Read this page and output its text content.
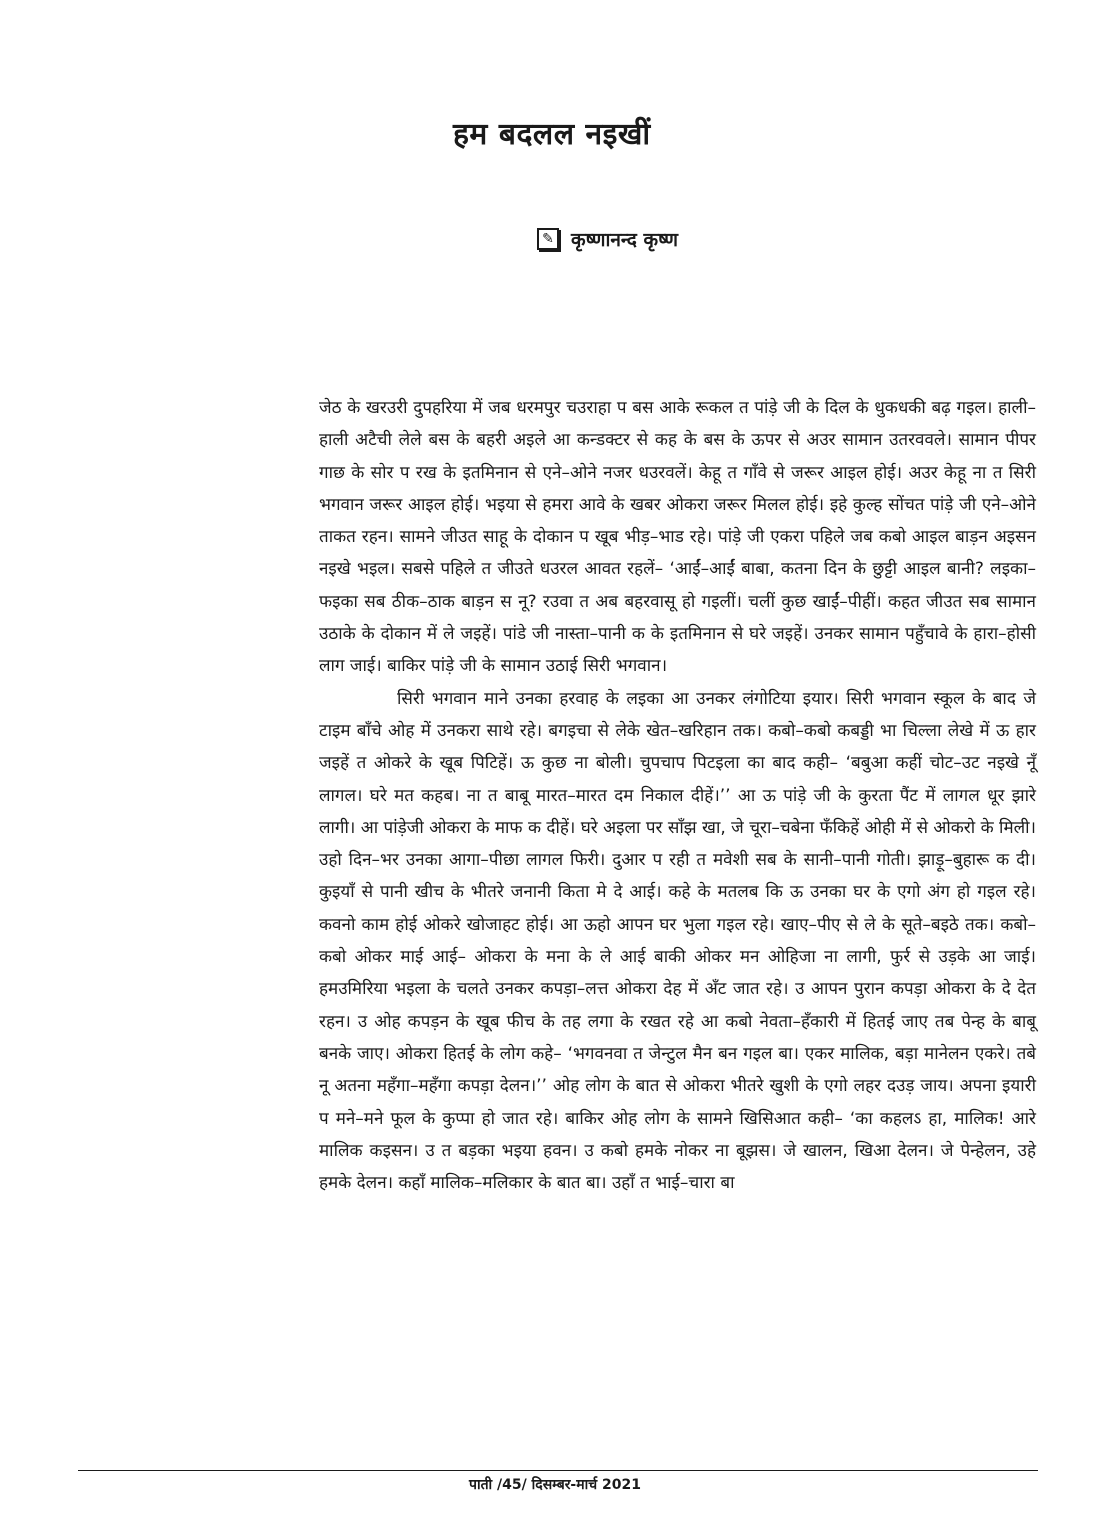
हम बदलल नइखीं
✎ कृष्णानन्द कृष्ण

जेठ के खरउरी दुपहरिया में जब धरमपुर चउराहा प बस आके रूकल त पांड़े जी के दिल के धुकधकी बढ़ गइल। हाली–हाली अटैची लेले बस के बहरी अइले आ कन्डक्टर से कह के बस के ऊपर से अउर सामान उतरववले। सामान पीपर गाछ के सोर प रख के इतमिनान से एने–ओने नजर धउरवलें। केहू त गाँवे से जरूर आइल होई। अउर केहू ना त सिरी भगवान जरूर आइल होई। भइया से हमरा आवे के खबर ओकरा जरूर मिलल होई। इहे कुल्ह सोंचत पांड़े जी एने–ओने ताकत रहन। सामने जीउत साहू के दोकान प खूब भीड़–भाड रहे। पांड़े जी एकरा पहिले जब कबो आइल बाड़न अइसन नइखे भइल। सबसे पहिले त जीउते धउरल आवत रहलें– ‘आईं–आईं बाबा, कतना दिन के छुट्टी आइल बानी? लइका–फइका सब ठीक–ठाक बाड़न स नू? रउवा त अब बहरवासू हो गइलीं। चलीं कुछ खाईं–पीहीं। कहत जीउत सब सामान उठाके के दोकान में ले जइहें। पांडे जी नास्ता–पानी क के इतमिनान से घरे जइहें। उनकर सामान पहुँचावे के हारा–होसी लाग जाई। बाकिर पांड़े जी के सामान उठाई सिरी भगवान।

सिरी भगवान माने उनका हरवाह के लइका आ उनकर लंगोटिया इयार। सिरी भगवान स्कूल के बाद जे टाइम बाँचे ओह में उनकरा साथे रहे। बगइचा से लेके खेत–खरिहान तक। कबो–कबो कबड्डी भा चिल्ला लेखे में ऊ हार जइहें त ओकरे के खूब पिटिहें। ऊ कुछ ना बोली। चुपचाप पिटइला का बाद कही– ‘बबुआ कहीं चोट–उट नइखे नूँ लागल। घरे मत कहब। ना त बाबू मारत–मारत दम निकाल दीहें।’’ आ ऊ पांड़े जी के कुरता पैंट में लागल धूर झारे लागी। आ पांड़ेजी ओकरा के माफ क दीहें। घरे अइला पर साँझ खा, जे चूरा–चबेना फँकिहें ओही में से ओकरो के मिली। उहो दिन–भर उनका आगा–पीछा लागल फिरी। दुआर प रही त मवेशी सब के सानी–पानी गोती। झाड़ू–बुहारू क दी। कुइयाँ से पानी खीच के भीतरे जनानी किता मे दे आई। कहे के मतलब कि ऊ उनका घर के एगो अंग हो गइल रहे। कवनो काम होई ओकरे खोजाहट होई। आ ऊहो आपन घर भुला गइल रहे। खाए–पीए से ले के सूते–बइठे तक। कबो–कबो ओकर माई आई– ओकरा के मना के ले आई बाकी ओकर मन ओहिजा ना लागी, फुर्र से उड़के आ जाई। हमउमिरिया भइला के चलते उनकर कपड़ा–लत्त ओकरा देह में अँट जात रहे। उ आपन पुरान कपड़ा ओकरा के दे देत रहन। उ ओह कपड़न के खूब फीच के तह लगा के रखत रहे आ कबो नेवता–हँकारी में हितई जाए तब पेन्ह के बाबू बनके जाए। ओकरा हितई के लोग कहे– ‘भगवनवा त जेन्टुल मैन बन गइल बा। एकर मालिक, बड़ा मानेलन एकरे। तबे नू अतना महँगा–महँगा कपड़ा देलन।’’ ओह लोग के बात से ओकरा भीतरे खुशी के एगो लहर दउड़ जाय। अपना इयारी प मने–मने फूल के कुप्पा हो जात रहे। बाकिर ओह लोग के सामने खिसिआत कही– ‘का कहलऽ हा, मालिक! आरे मालिक कइसन। उ त बड़का भइया हवन। उ कबो हमके नोकर ना बूझस। जे खालन, खिआ देलन। जे पेन्हेलन, उहे हमके देलन। कहाँ मालिक–मलिकार के बात बा। उहाँ त भाई–चारा बा

पाती /45/ दिसम्बर-मार्च 2021
